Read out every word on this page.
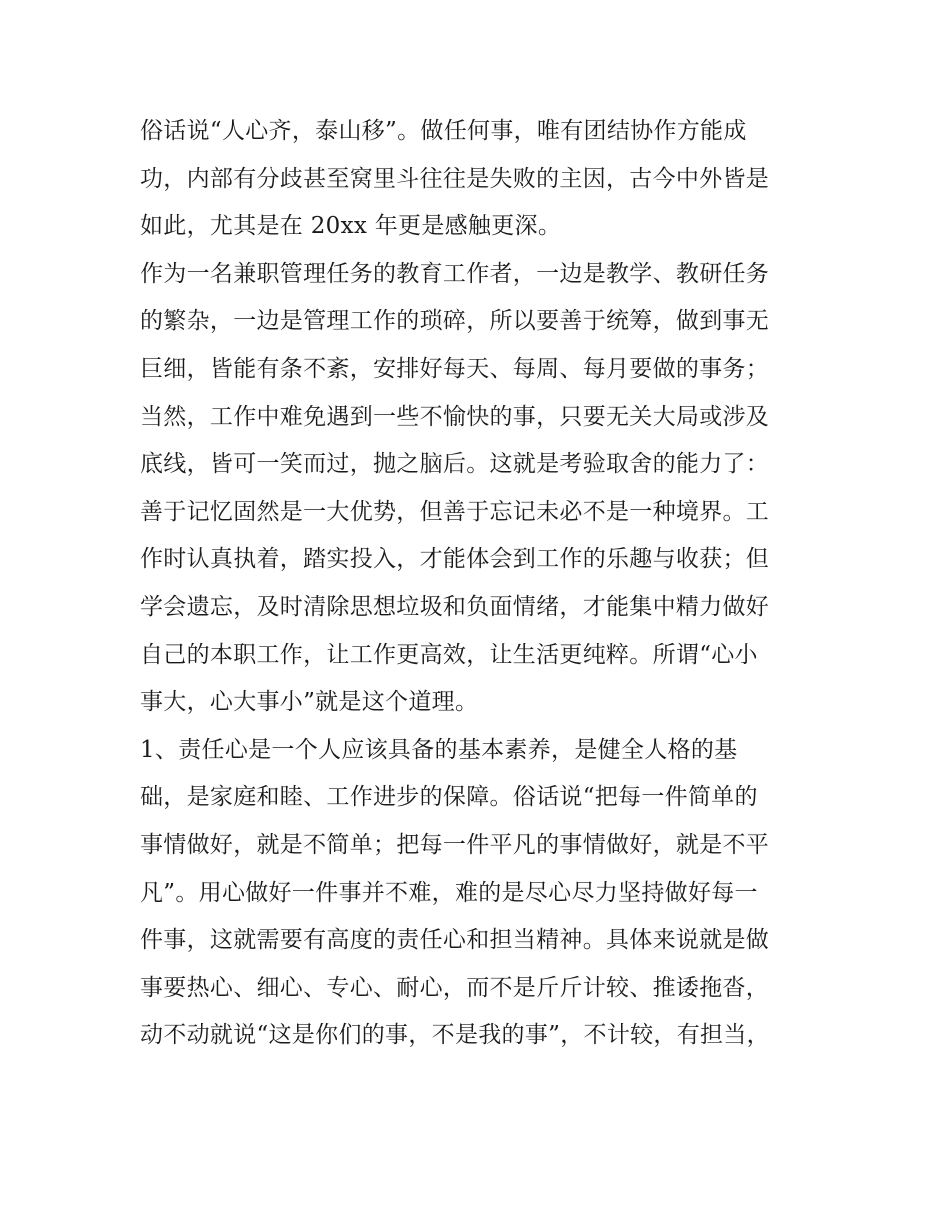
俗话说“人心齐，泰山移”。做任何事，唯有团结协作方能成
功，内部有分歧甚至窝里斗往往是失败的主因，古今中外皆是
如此，尤其是在 20xx 年更是感触更深。
作为一名兼职管理任务的教育工作者，一边是教学、教研任务
的繁杂，一边是管理工作的琐碎，所以要善于统筹，做到事无
巨细，皆能有条不紊，安排好每天、每周、每月要做的事务；
当然，工作中难免遇到一些不愉快的事，只要无关大局或涉及
底线，皆可一笑而过，抛之脑后。这就是考验取舍的能力了：
善于记忆固然是一大优势，但善于忘记未必不是一种境界。工
作时认真执着，踏实投入，才能体会到工作的乐趣与收获；但
学会遗忘，及时清除思想垃圾和负面情绪，才能集中精力做好
自己的本职工作，让工作更高效，让生活更纯粹。所谓“心小
事大，心大事小”就是这个道理。
1、责任心是一个人应该具备的基本素养，是健全人格的基
础，是家庭和睦、工作进步的保障。俗话说“把每一件简单的
事情做好，就是不简单；把每一件平凡的事情做好，就是不平
凡”。用心做好一件事并不难，难的是尽心尽力坚持做好每一
件事，这就需要有高度的责任心和担当精神。具体来说就是做
事要热心、细心、专心、耐心，而不是斤斤计较、推诿拖沓，
动不动就说“这是你们的事，不是我的事”，不计较，有担当，
